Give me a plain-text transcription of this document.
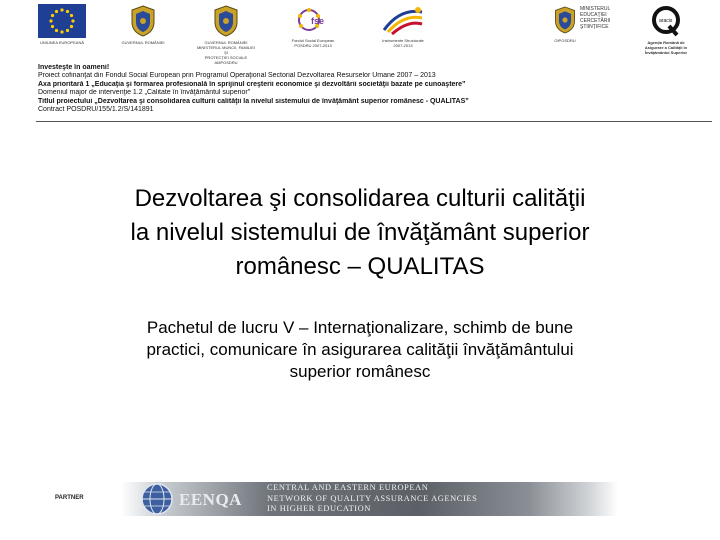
UNIUNEA EUROPEANĂ	GUVERNUL ROMÂNIEI	GUVERNUL ROMÂNIEI
MINISTERUL MUNCII, FAMILIEI ŞI
PROTECŢIEI SOCIALE
AMPOSDRU
fse
Fondul Social European
POSDRU 2007-2013
Instrumente Structurale
2007-2013
OIPOSDRU
MINISTERUL
EDUCAŢIEI
CERCETĂRII
ŞTIINŢIFICE
aracis
Agenţia Română de
Asigurare a Calităţii în
Învăţământul Superior
Investeşte în oameni!
Proiect cofinanţat din Fondul Social European prin Programul Operaţional Sectorial Dezvoltarea Resurselor Umane 2007 – 2013
Axa prioritară 1 „Educaţia şi formarea profesională în sprijinul creşterii economice şi dezvoltării societăţii bazate pe cunoaştere”
Domeniul major de intervenţie 1.2 „Calitate în învăţământul superior”
Titlul proiectului „Dezvoltarea şi consolidarea culturii calităţii la nivelul sistemului de învăţământ superior românesc - QUALITAS”
Contract POSDRU/155/1.2/S/141891
Dezvoltarea şi consolidarea culturii calităţii
la nivelul sistemului de învăţământ superior
românesc – QUALITAS
Pachetul de lucru V – Internaţionalizare, schimb de bune
practici, comunicare în asigurarea calităţii învăţământului
superior românesc
PARTNER	EENQA
CENTRAL AND EASTERN EUROPEAN
NETWORK OF QUALITY ASSURANCE AGENCIES
IN HIGHER EDUCATION
